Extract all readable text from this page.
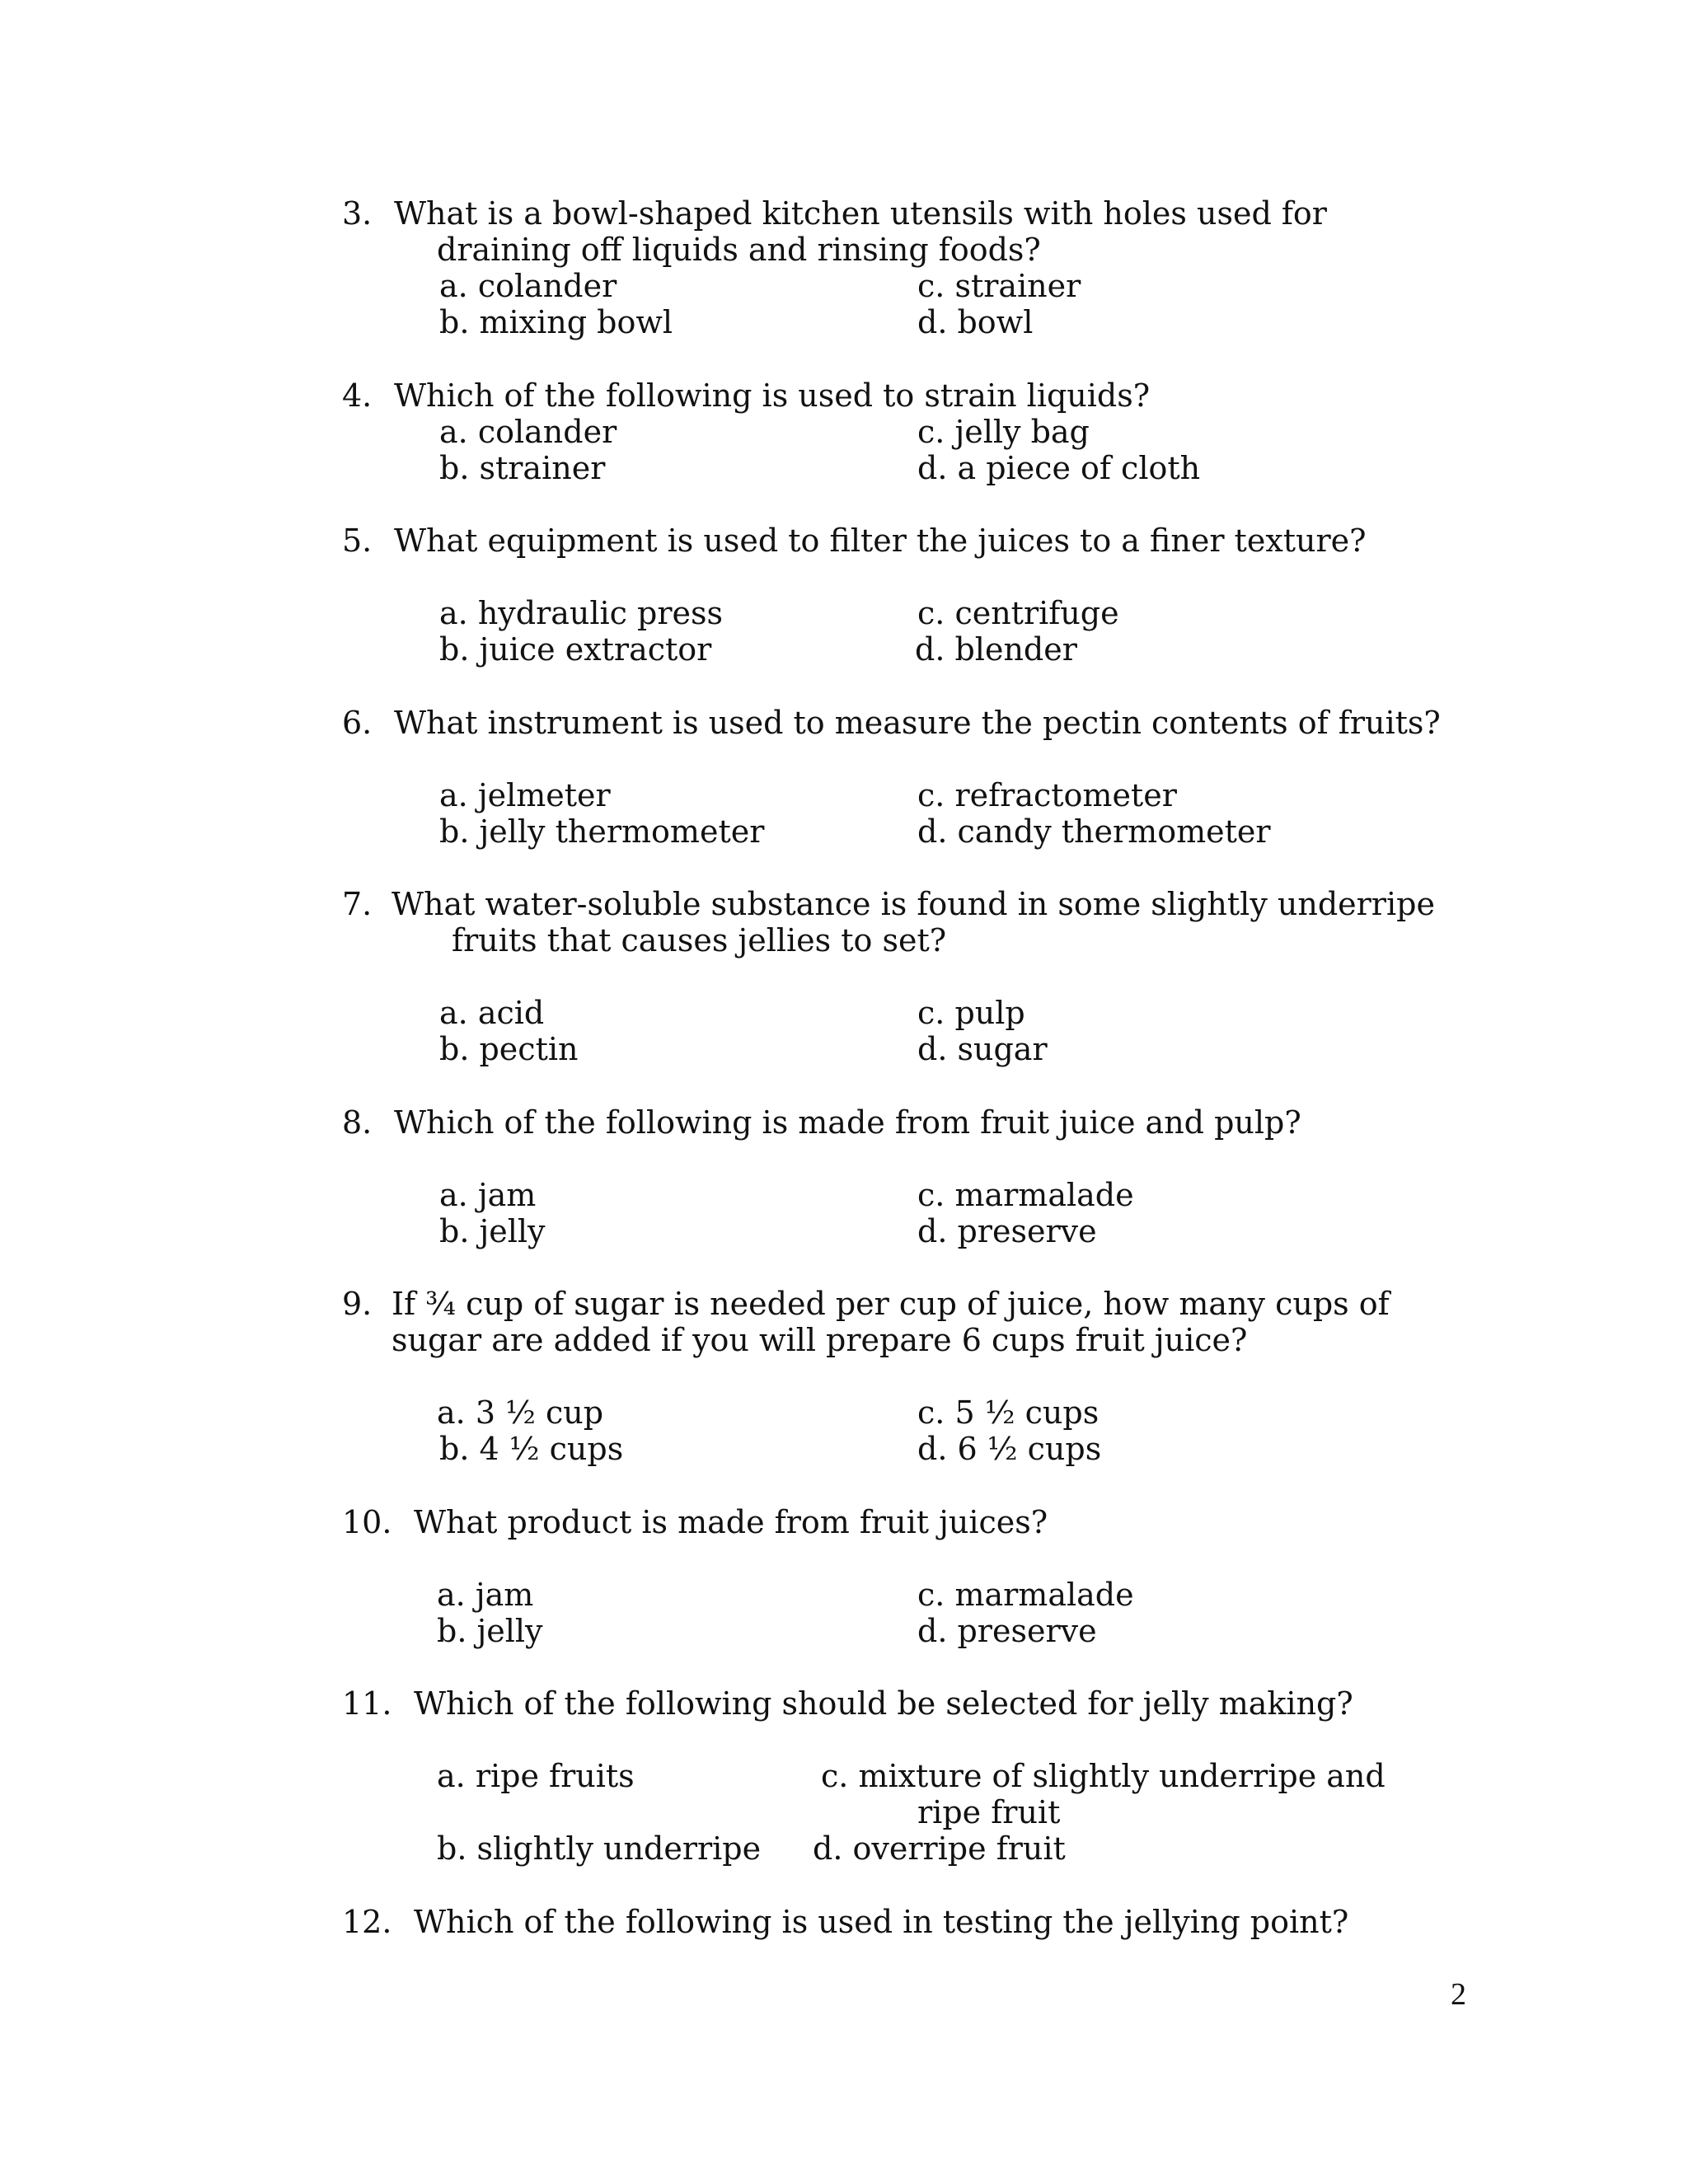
3. What is a bowl-shaped kitchen utensils with holes used for
draining off liquids and rinsing foods?
a. colander	c. strainer
b. mixing bowl	d. bowl
4. Which of the following is used to strain liquids?
a. colander	c. jelly bag
b. strainer	d. a piece of cloth
5. What equipment is used to filter the juices to a finer texture?
a. hydraulic press	c. centrifuge
b. juice extractor	d. blender
6. What instrument is used to measure the pectin contents of fruits?
a. jelmeter	c. refractometer
b. jelly thermometer	d. candy thermometer
7. What water-soluble substance is found in some slightly underripe
fruits that causes jellies to set?
a. acid	c. pulp
b. pectin	d. sugar
8. Which of the following is made from fruit juice and pulp?
a. jam	c. marmalade
b. jelly	d. preserve
9. If ¾ cup of sugar is needed per cup of juice, how many cups of
sugar are added if you will prepare 6 cups fruit juice?
a. 3 ½ cup	c. 5 ½ cups
b. 4 ½ cups	d. 6 ½ cups
10. What product is made from fruit juices?
a. jam	c. marmalade
b. jelly	d. preserve
11. Which of the following should be selected for jelly making?
a. ripe fruits	c. mixture of slightly underripe and
ripe fruit
b. slightly underripe d. overripe fruit
12. Which of the following is used in testing the jellying point?
2
